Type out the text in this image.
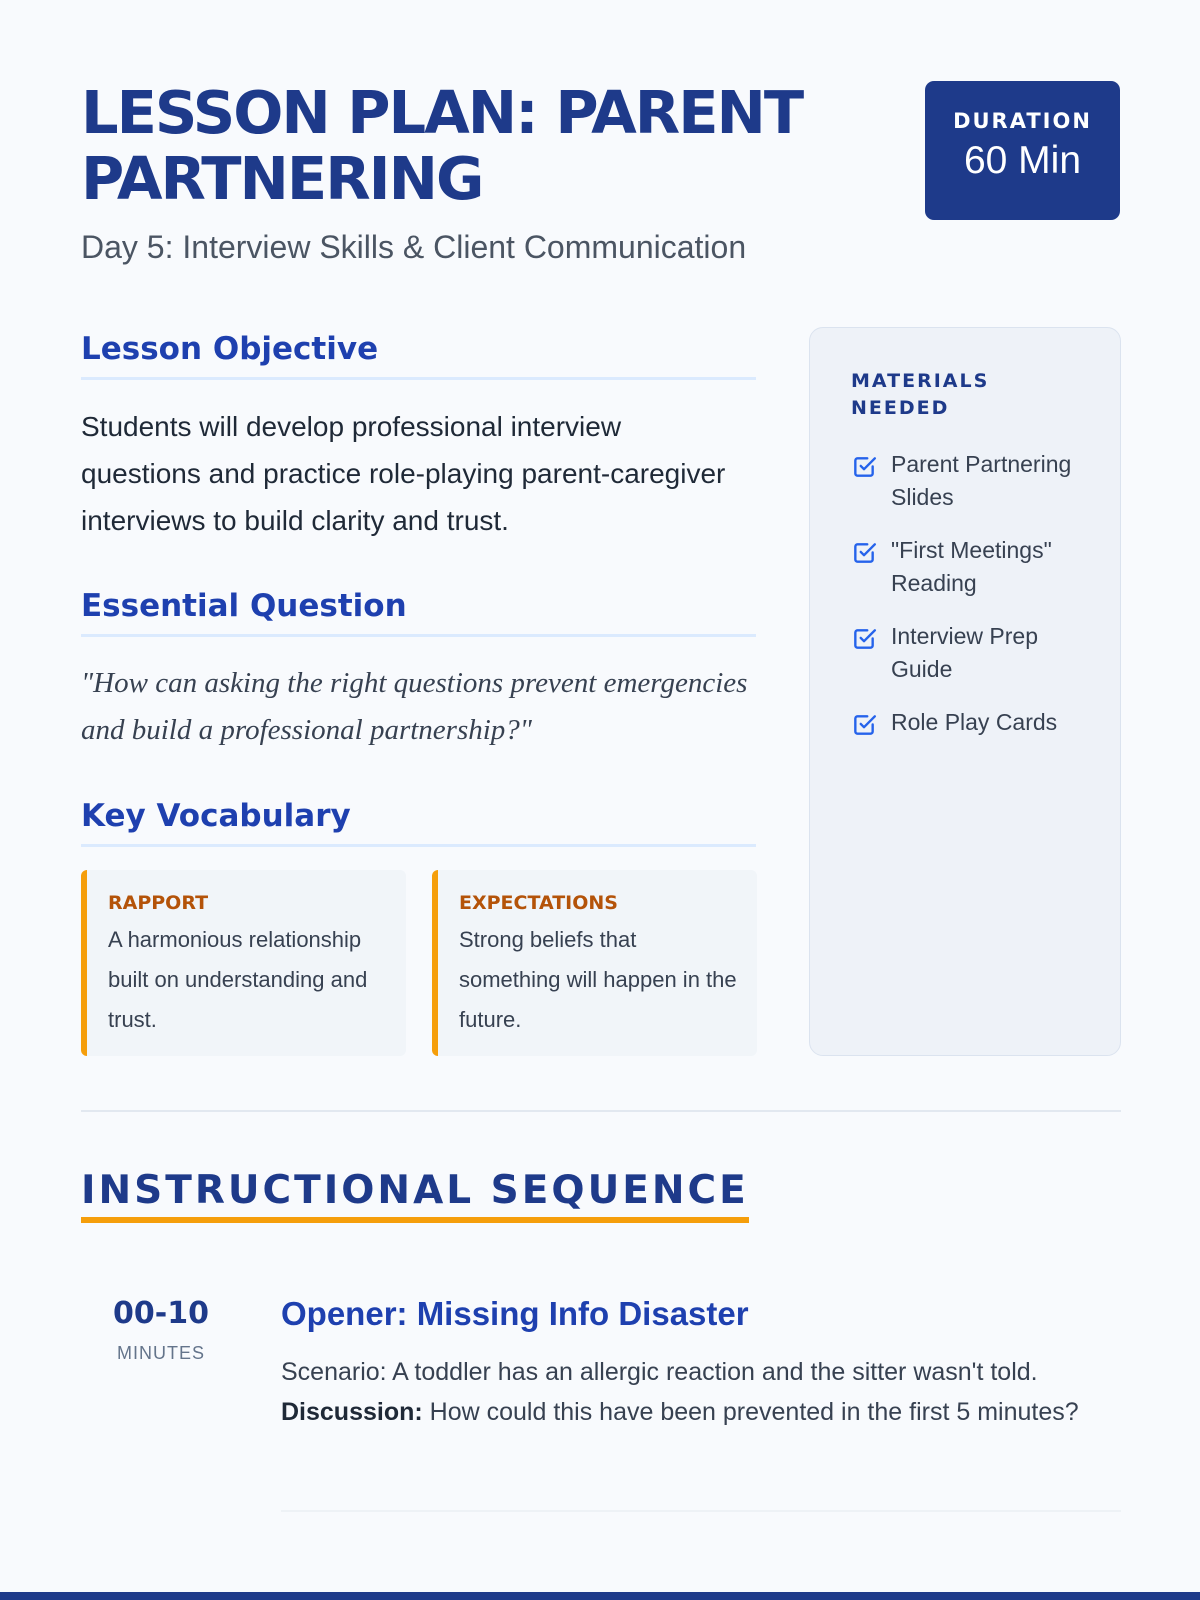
LESSON PLAN: PARENT PARTNERING
Day 5: Interview Skills & Client Communication
DURATION
60 Min
Lesson Objective

Students will develop professional interview questions and practice role-playing parent-caregiver interviews to build clarity and trust.

Essential Question

"How can asking the right questions prevent emergencies and build a professional partnership?"

Key Vocabulary
RAPPORT
A harmonious relationship built on understanding and trust.
EXPECTATIONS
Strong beliefs that something will happen in the future.
MATERIALS NEEDED
Parent Partnering Slides
"First Meetings" Reading
Interview Prep Guide
Role Play Cards
INSTRUCTIONAL SEQUENCE
00-10
MINUTES
Opener: Missing Info Disaster
Scenario: A toddler has an allergic reaction and the sitter wasn't told.
Discussion: How could this have been prevented in the first 5 minutes?
